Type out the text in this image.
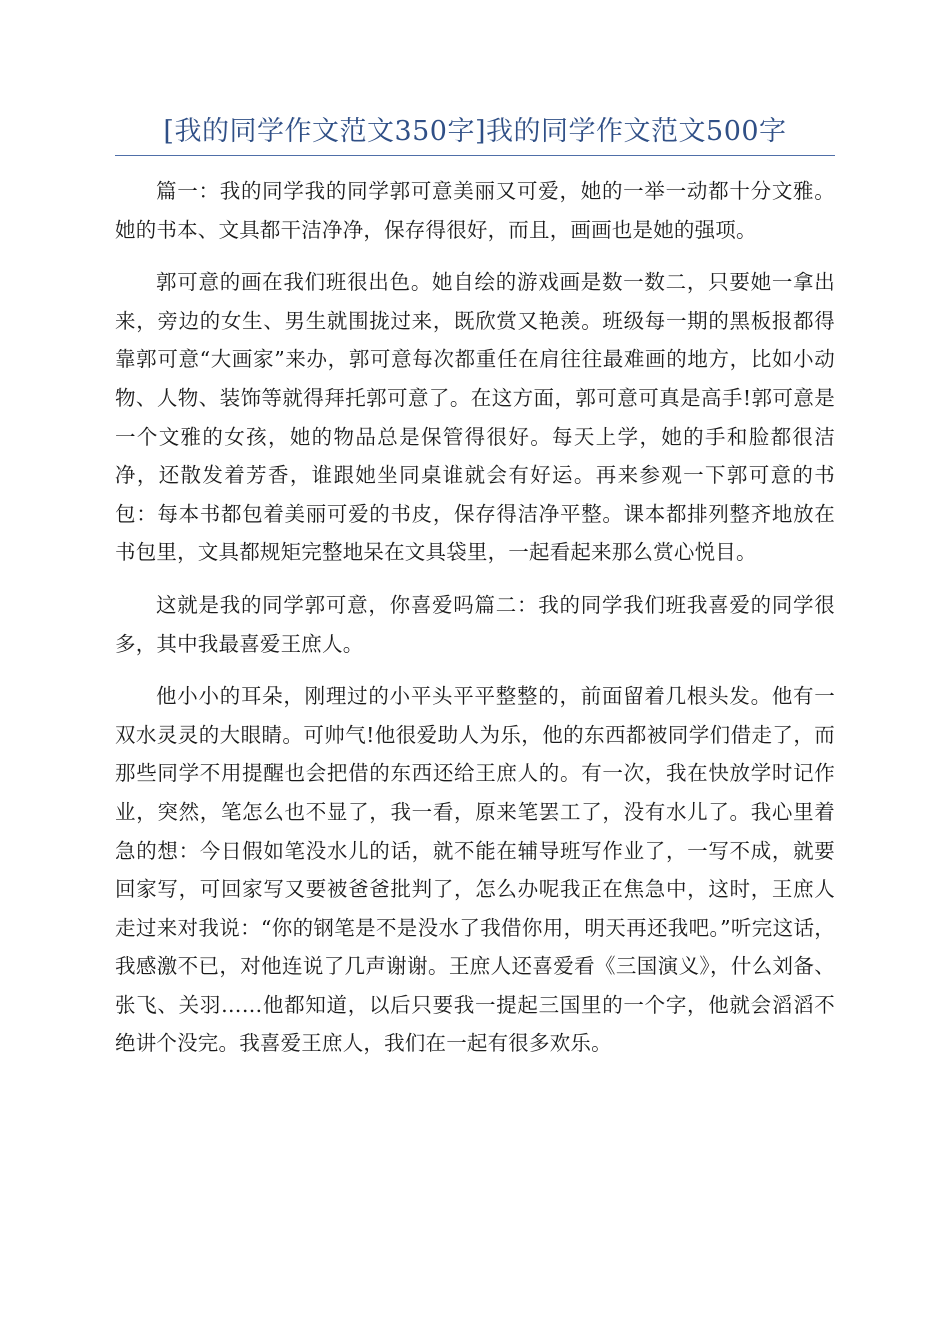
[我的同学作文范文350字]我的同学作文范文500字

篇一：我的同学我的同学郭可意美丽又可爱，她的一举一动都十分文雅。她的书本、文具都干洁净净，保存得很好，而且，画画也是她的强项。

郭可意的画在我们班很出色。她自绘的游戏画是数一数二，只要她一拿出来，旁边的女生、男生就围拢过来，既欣赏又艳羡。班级每一期的黑板报都得靠郭可意“大画家”来办，郭可意每次都重任在肩往往最难画的地方，比如小动物、人物、装饰等就得拜托郭可意了。在这方面，郭可意可真是高手!郭可意是一个文雅的女孩，她的物品总是保管得很好。每天上学，她的手和脸都很洁净，还散发着芳香，谁跟她坐同桌谁就会有好运。再来参观一下郭可意的书包：每本书都包着美丽可爱的书皮，保存得洁净平整。课本都排列整齐地放在书包里，文具都规矩完整地呆在文具袋里，一起看起来那么赏心悦目。

这就是我的同学郭可意，你喜爱吗篇二：我的同学我们班我喜爱的同学很多，其中我最喜爱王庶人。

他小小的耳朵，刚理过的小平头平平整整的，前面留着几根头发。他有一双水灵灵的大眼睛。可帅气!他很爱助人为乐，他的东西都被同学们借走了，而那些同学不用提醒也会把借的东西还给王庶人的。有一次，我在快放学时记作业，突然，笔怎么也不显了，我一看，原来笔罢工了，没有水儿了。我心里着急的想：今日假如笔没水儿的话，就不能在辅导班写作业了，一写不成，就要回家写，可回家写又要被爸爸批判了，怎么办呢我正在焦急中，这时，王庶人走过来对我说：“你的钢笔是不是没水了我借你用，明天再还我吧。”听完这话，我感激不已，对他连说了几声谢谢。王庶人还喜爱看《三国演义》，什么刘备、张飞、关羽……他都知道，以后只要我一提起三国里的一个字，他就会滔滔不绝讲个没完。我喜爱王庶人，我们在一起有很多欢乐。
